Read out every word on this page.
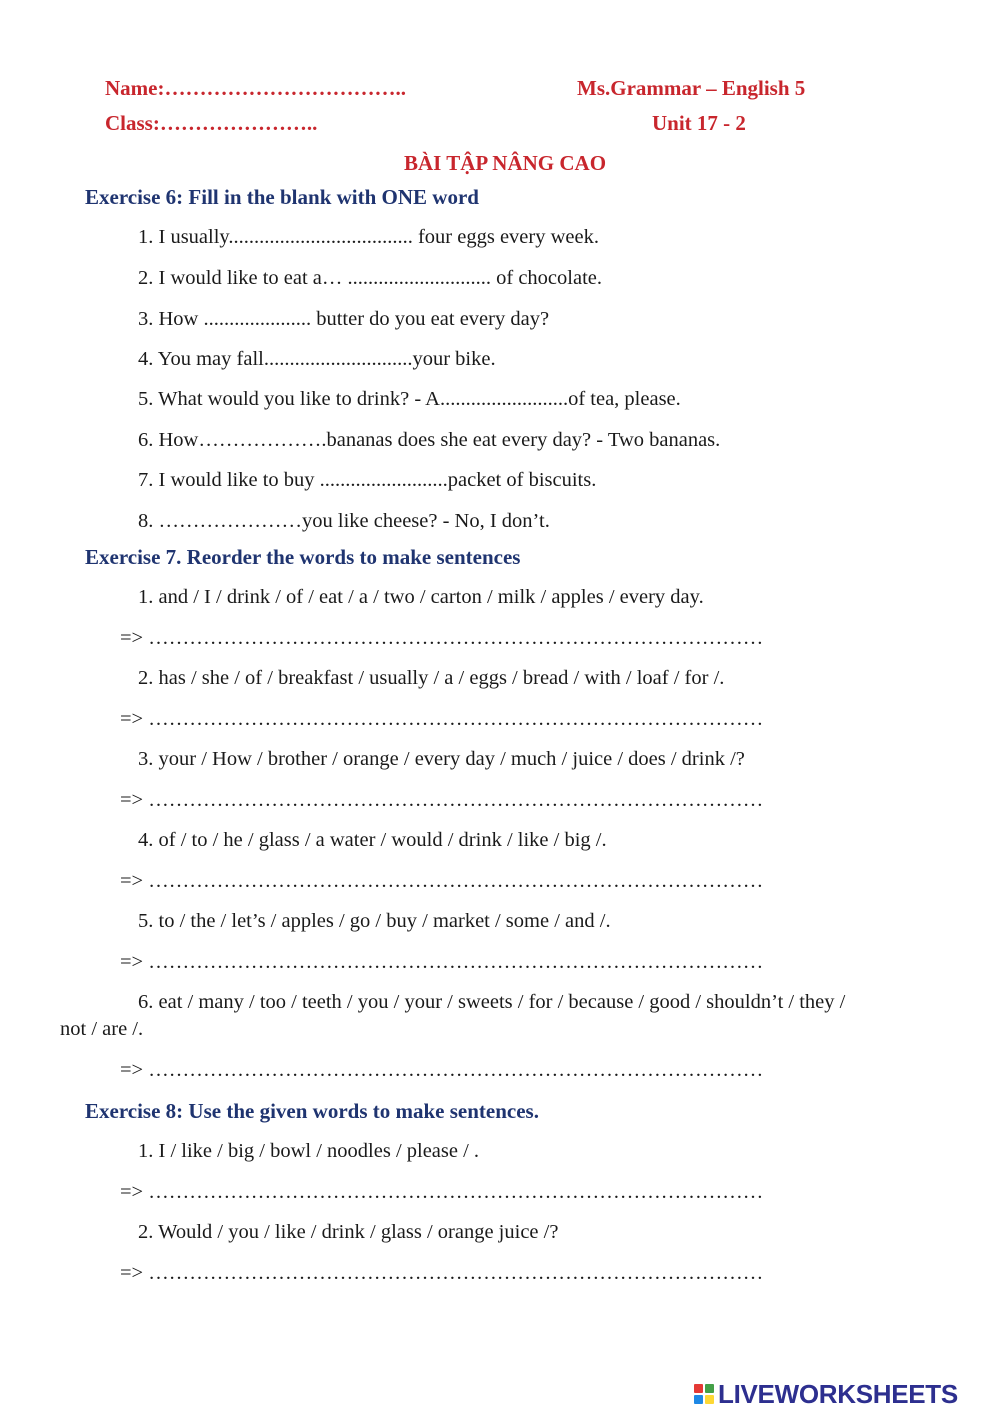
Name:……………………………..	Ms.Grammar – English 5
Class:…………………..	Unit 17 - 2
BÀI TẬP NÂNG CAO
Exercise 6: Fill in the blank with ONE word
1. I usually.................................... four eggs every week.
2. I would like to eat a… ............................ of chocolate.
3. How ..................... butter do you eat every day?
4. You may fall.............................your bike.
5. What would you like to drink? - A.........................of tea, please.
6. How……………….bananas does she eat every day? - Two bananas.
7. I would like to buy .........................packet of biscuits.
8. …………………you like cheese? - No, I don’t.
Exercise 7. Reorder the words to make sentences
1. and / I / drink / of / eat / a / two / carton / milk / apples / every day.
=> ………………………………………………………………………………
2. has / she / of / breakfast / usually / a / eggs / bread / with / loaf / for /.
=> ………………………………………………………………………………
3. your / How / brother / orange / every day / much / juice / does / drink /?
=> ………………………………………………………………………………
4. of / to / he / glass / a water / would / drink / like / big /.
=> ………………………………………………………………………………
5. to / the / let’s / apples / go / buy / market / some / and /.
=> ………………………………………………………………………………
6. eat / many / too / teeth / you / your / sweets / for / because / good / shouldn’t / they /
not / are /.
=> ………………………………………………………………………………
Exercise 8: Use the given words to make sentences.
1. I / like / big / bowl / noodles / please / .
=> ………………………………………………………………………………
2. Would / you / like / drink / glass / orange juice /?
=> ………………………………………………………………………………
LIVEWORKSHEETS
